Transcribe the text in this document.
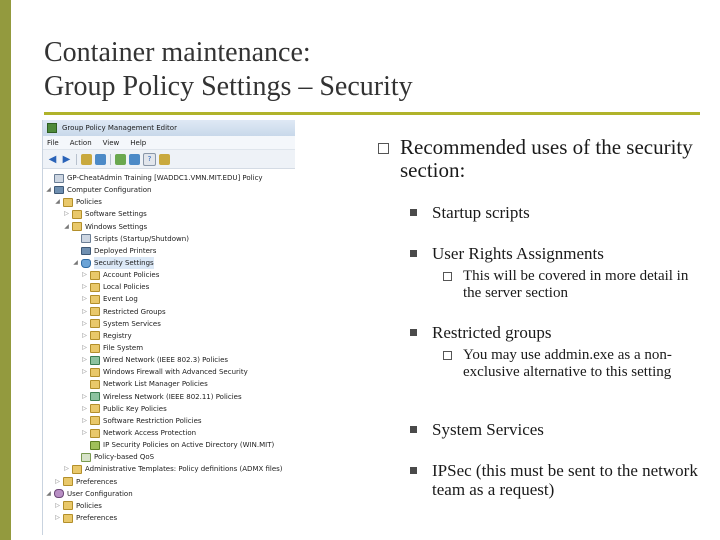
Container maintenance:
Group Policy Settings – Security
Group Policy Management Editor
File Action View Help
◀ ▶	?
GP-CheatAdmin Training [WADDC1.VMN.MIT.EDU] Policy
◢ Computer Configuration
◢ Policies
▷ Software Settings
◢ Windows Settings
Scripts (Startup/Shutdown)
Deployed Printers
◢ Security Settings
▷ Account Policies
▷ Local Policies
▷ Event Log
▷ Restricted Groups
▷ System Services
▷ Registry
▷ File System
▷ Wired Network (IEEE 802.3) Policies
▷ Windows Firewall with Advanced Security
Network List Manager Policies
▷ Wireless Network (IEEE 802.11) Policies
▷ Public Key Policies
▷ Software Restriction Policies
▷ Network Access Protection
IP Security Policies on Active Directory (WIN.MIT)
Policy-based QoS
▷ Administrative Templates: Policy definitions (ADMX files)
▷ Preferences
◢ User Configuration
▷ Policies
▷ Preferences
Recommended uses of the security section:
Startup scripts
User Rights Assignments
This will be covered in more detail in the server section
Restricted groups
You may use addmin.exe as a non-exclusive alternative to this setting
System Services
IPSec (this must be sent to the network team as a request)
